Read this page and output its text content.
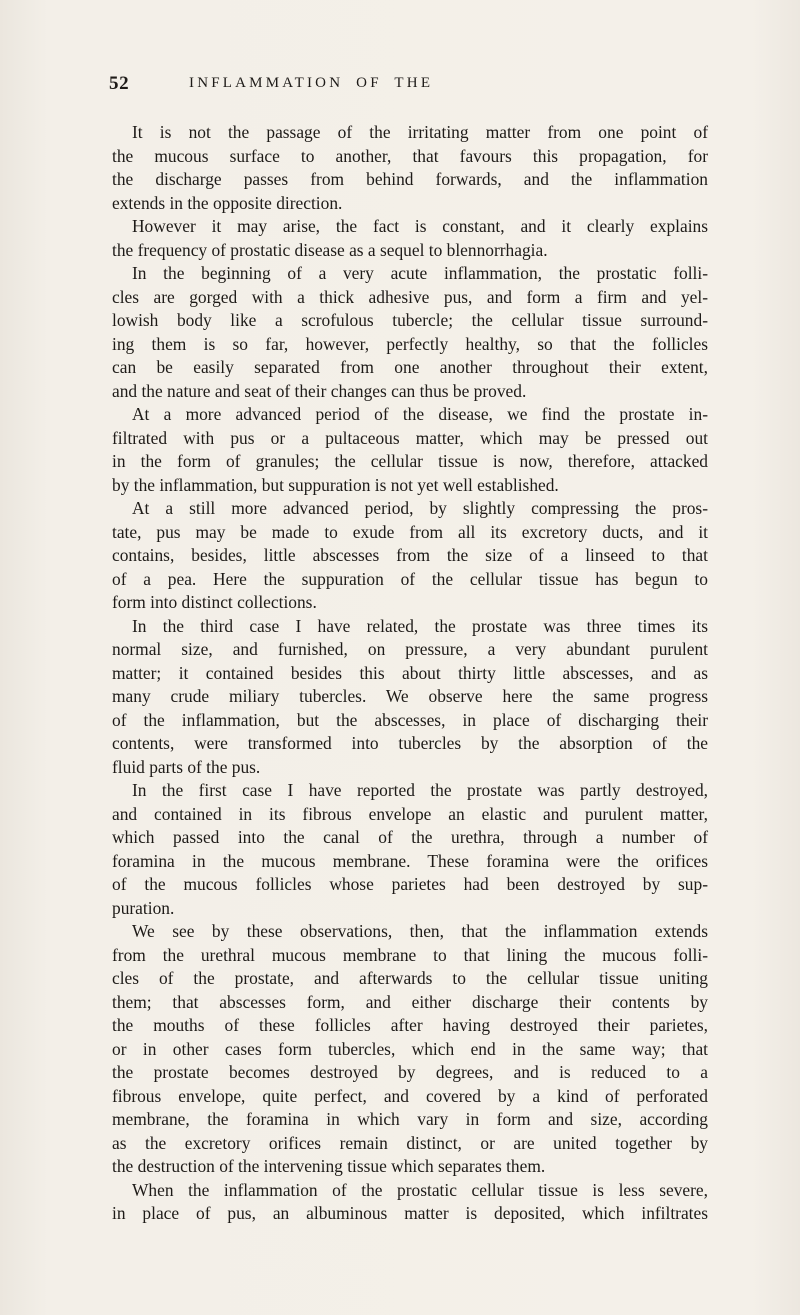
52	INFLAMMATION OF THE
It is not the passage of the irritating matter from one point of
the mucous surface to another, that favours this propagation, for
the discharge passes from behind forwards, and the inflammation
extends in the opposite direction.
However it may arise, the fact is constant, and it clearly explains
the frequency of prostatic disease as a sequel to blennorrhagia.
In the beginning of a very acute inflammation, the prostatic folli-
cles are gorged with a thick adhesive pus, and form a firm and yel-
lowish body like a scrofulous tubercle; the cellular tissue surround-
ing them is so far, however, perfectly healthy, so that the follicles
can be easily separated from one another throughout their extent,
and the nature and seat of their changes can thus be proved.
At a more advanced period of the disease, we find the prostate in-
filtrated with pus or a pultaceous matter, which may be pressed out
in the form of granules; the cellular tissue is now, therefore, attacked
by the inflammation, but suppuration is not yet well established.
At a still more advanced period, by slightly compressing the pros-
tate, pus may be made to exude from all its excretory ducts, and it
contains, besides, little abscesses from the size of a linseed to that
of a pea. Here the suppuration of the cellular tissue has begun to
form into distinct collections.
In the third case I have related, the prostate was three times its
normal size, and furnished, on pressure, a very abundant purulent
matter; it contained besides this about thirty little abscesses, and as
many crude miliary tubercles. We observe here the same progress
of the inflammation, but the abscesses, in place of discharging their
contents, were transformed into tubercles by the absorption of the
fluid parts of the pus.
In the first case I have reported the prostate was partly destroyed,
and contained in its fibrous envelope an elastic and purulent matter,
which passed into the canal of the urethra, through a number of
foramina in the mucous membrane. These foramina were the orifices
of the mucous follicles whose parietes had been destroyed by sup-
puration.
We see by these observations, then, that the inflammation extends
from the urethral mucous membrane to that lining the mucous folli-
cles of the prostate, and afterwards to the cellular tissue uniting
them; that abscesses form, and either discharge their contents by
the mouths of these follicles after having destroyed their parietes,
or in other cases form tubercles, which end in the same way; that
the prostate becomes destroyed by degrees, and is reduced to a
fibrous envelope, quite perfect, and covered by a kind of perforated
membrane, the foramina in which vary in form and size, according
as the excretory orifices remain distinct, or are united together by
the destruction of the intervening tissue which separates them.
When the inflammation of the prostatic cellular tissue is less severe,
in place of pus, an albuminous matter is deposited, which infiltrates
